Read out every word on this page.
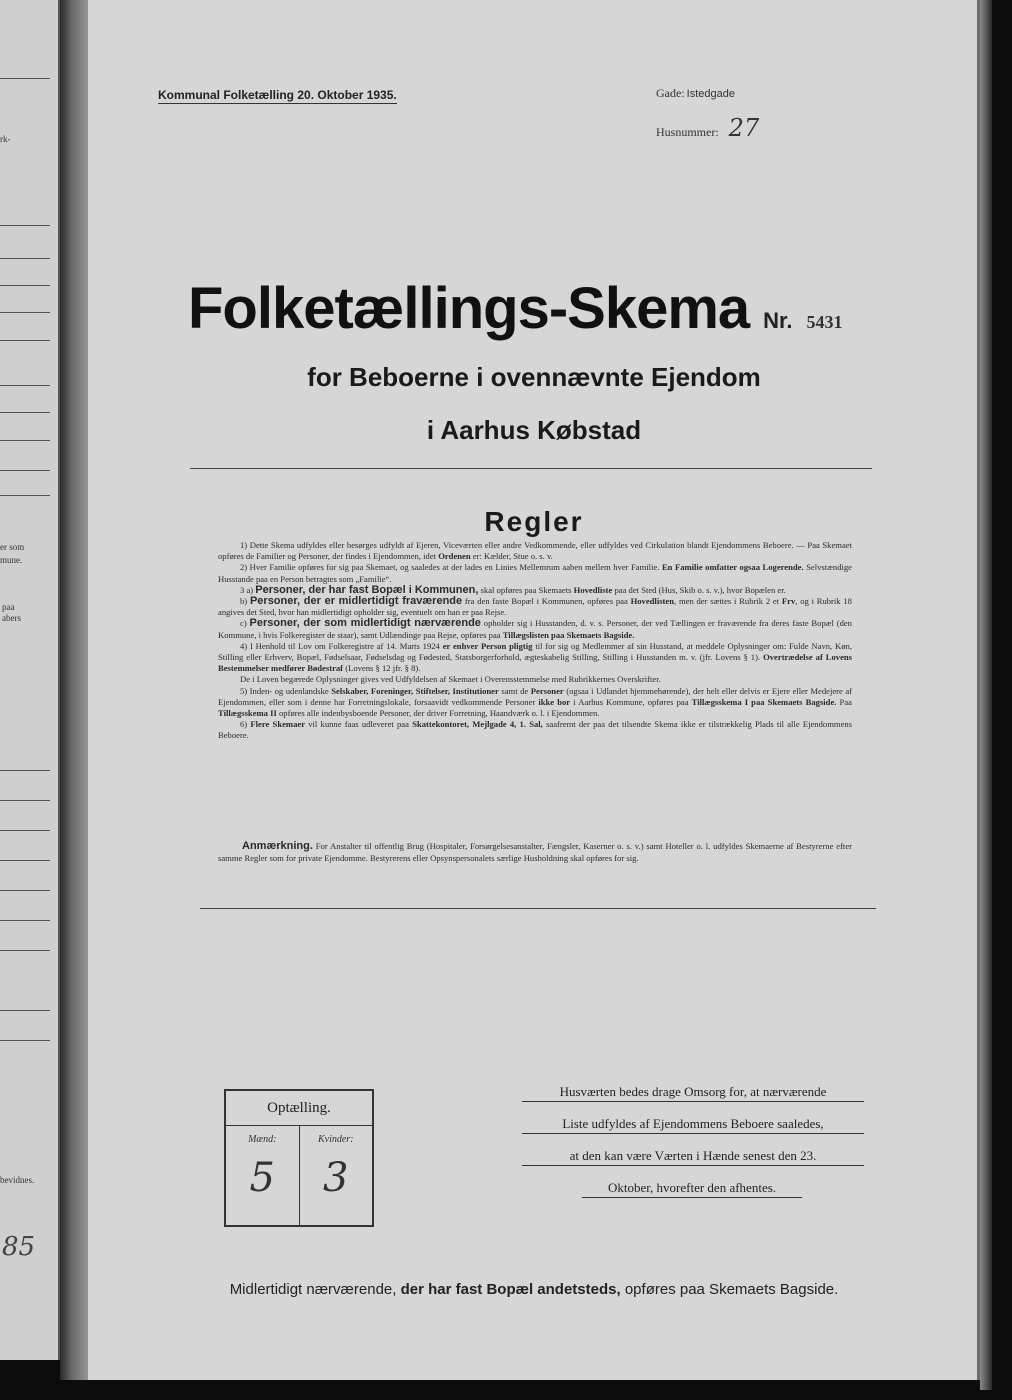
rk-
er som
mune.
paa
abers
bevidnes.
85
Kommunal Folketælling 20. Oktober 1935.	Gade: Istedgade
Husnummer: 27
Folketællings-Skema Nr. 5431
for Beboerne i ovennævnte Ejendom
i Aarhus Købstad
Regler

1) Dette Skema udfyldes eller besørges udfyldt af Ejeren, Viceværten eller andre Vedkommende, eller udfyldes ved Cirkulation blandt Ejendommens Beboere. — Paa Skemaet opføres de Familier og Personer, der findes i Ejendommen, idet Ordenen er: Kælder, Stue o. s. v.

2) Hver Familie opføres for sig paa Skemaet, og saaledes at der lades en Linies Mellemrum aaben mellem hver Familie. En Familie omfatter ogsaa Logerende. Selvstændige Husstande paa en Person betragtes som „Familie“.

3 a) Personer, der har fast Bopæl i Kommunen, skal opføres paa Skemaets Hovedliste paa det Sted (Hus, Skib o. s. v.), hvor Bopælen er.

b) Personer, der er midlertidigt fraværende fra den faste Bopæl i Kommunen, opføres paa Hovedlisten, men der sættes i Rubrik 2 et Frv, og i Rubrik 18 angives det Sted, hvor han midlertidigt opholder sig, eventuelt om han er paa Rejse.

c) Personer, der som midlertidigt nærværende opholder sig i Husstanden, d. v. s. Personer, der ved Tællingen er fraværende fra deres faste Bopæl (den Kommune, i hvis Folkeregister de staar), samt Udlændinge paa Rejse, opføres paa Tillægslisten paa Skemaets Bagside.

4) I Henhold til Lov om Folkeregistre af 14. Marts 1924 er enhver Person pligtig til for sig og Medlemmer af sin Husstand, at meddele Oplysninger om: Fulde Navn, Køn, Stilling eller Erhverv, Bopæl, Fødselsaar, Fødselsdag og Fødested, Statsborgerforhold, ægteskabelig Stilling, Stilling i Husstanden m. v. (jfr. Lovens § 1). Overtrædelse af Lovens Bestemmelser medfører Bødestraf (Lovens § 12 jfr. § 8).

De i Loven begærede Oplysninger gives ved Udfyldelsen af Skemaet i Overensstemmelse med Rubrikkernes Overskrifter.

5) Inden- og udenlandske Selskaber, Foreninger, Stiftelser, Institutioner samt de Personer (ogsaa i Udlandet hjemmehørende), der helt eller delvis er Ejere eller Medejere af Ejendommen, eller som i denne har Forretningslokale, forsaavidt vedkommende Personer ikke bor i Aarhus Kommune, opføres paa Tillægsskema I paa Skemaets Bagside. Paa Tillægsskema II opføres alle indenbysboende Personer, der driver Forretning, Haandværk o. l. i Ejendommen.

6) Flere Skemaer vil kunne faas udleveret paa Skattekontoret, Mejlgade 4, 1. Sal, saafremt der paa det tilsendte Skema ikke er tilstrækkelig Plads til alle Ejendommens Beboere.

Anmærkning. For Anstalter til offentlig Brug (Hospitaler, Forsørgelsesanstalter, Fængsler, Kaserner o. s. v.) samt Hoteller o. l. udfyldes Skemaerne af Bestyrerne efter samme Regler som for private Ejendomme. Bestyrerens eller Opsynspersonalets særlige Husholdning skal opføres for sig.
Optælling.
Mænd:
5
Kvinder:
3
Husværten bedes drage Omsorg for, at nærværende
Liste udfyldes af Ejendommens Beboere saaledes,
at den kan være Værten i Hænde senest den 23.
Oktober, hvorefter den afhentes.
Midlertidigt nærværende, der har fast Bopæl andetsteds, opføres paa Skemaets Bagside.
